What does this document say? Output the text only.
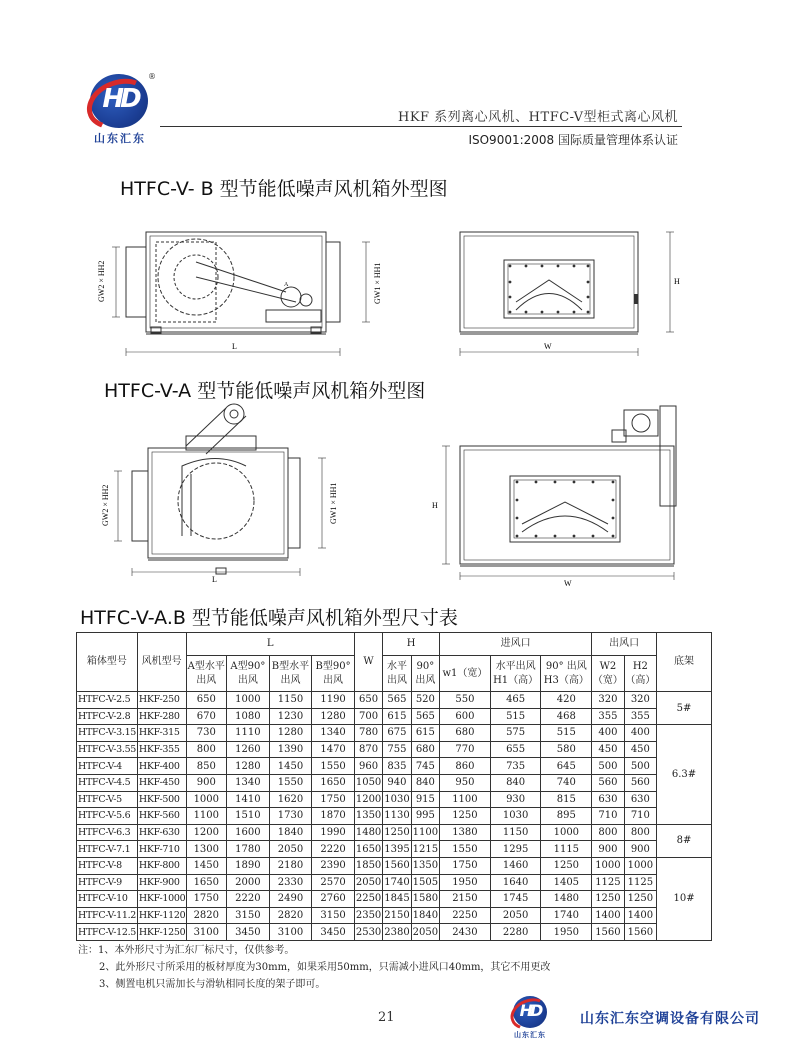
HD
®
山东汇东
HKF 系列离心风机、HTFC-V型柜式离心风机
ISO9001:2008 国际质量管理体系认证
HTFC-V- B 型节能低噪声风机箱外型图
GW2 × HH2	GW1 × HH1
L
A	H
W
HTFC-V-A 型节能低噪声风机箱外型图
GW2 × HH2	GW1 × HH1
L
H
W
HTFC-V-A.B 型节能低噪声风机箱外型尺寸表
箱体型号	风机型号	L				W	H		进风口			出风口		底架
		A型水平出风	A型90°出风	B型水平出风	B型90°出风		水平出风	90°出风	w1（宽）	水平出风H1（高）	90° 出风H3（高）	W2（宽）	H2（高）	
HTFC-V-2.5	HKF-250	650	1000	1150	1190	650	565	520	550	465	420	320	320	5#
HTFC-V-2.8	HKF-280	670	1080	1230	1280	700	615	565	600	515	468	355	355	
HTFC-V-3.15	HKF-315	730	1110	1280	1340	780	675	615	680	575	515	400	400	6.3#
HTFC-V-3.55	HKF-355	800	1260	1390	1470	870	755	680	770	655	580	450	450	
HTFC-V-4	HKF-400	850	1280	1450	1550	960	835	745	860	735	645	500	500	
HTFC-V-4.5	HKF-450	900	1340	1550	1650	1050	940	840	950	840	740	560	560	
HTFC-V-5	HKF-500	1000	1410	1620	1750	1200	1030	915	1100	930	815	630	630	
HTFC-V-5.6	HKF-560	1100	1510	1730	1870	1350	1130	995	1250	1030	895	710	710	
HTFC-V-6.3	HKF-630	1200	1600	1840	1990	1480	1250	1100	1380	1150	1000	800	800	8#
HTFC-V-7.1	HKF-710	1300	1780	2050	2220	1650	1395	1215	1550	1295	1115	900	900	
HTFC-V-8	HKF-800	1450	1890	2180	2390	1850	1560	1350	1750	1460	1250	1000	1000	10#
HTFC-V-9	HKF-900	1650	2000	2330	2570	2050	1740	1505	1950	1640	1405	1125	1125	
HTFC-V-10	HKF-1000	1750	2220	2490	2760	2250	1845	1580	2150	1745	1480	1250	1250	
HTFC-V-11.2	HKF-1120	2820	3150	2820	3150	2350	2150	1840	2250	2050	1740	1400	1400	
HTFC-V-12.5	HKF-1250	3100	3450	3100	3450	2530	2380	2050	2430	2280	1950	1560	1560	
注：1、本外形尺寸为汇东厂标尺寸，仅供参考。
2、此外形尺寸所采用的板材厚度为30mm，如果采用50mm，只需减小进风口40mm，其它不用更改
3、侧置电机只需加长与滑轨相同长度的架子即可。
21	HD
山东汇东
山东汇东空调设备有限公司
